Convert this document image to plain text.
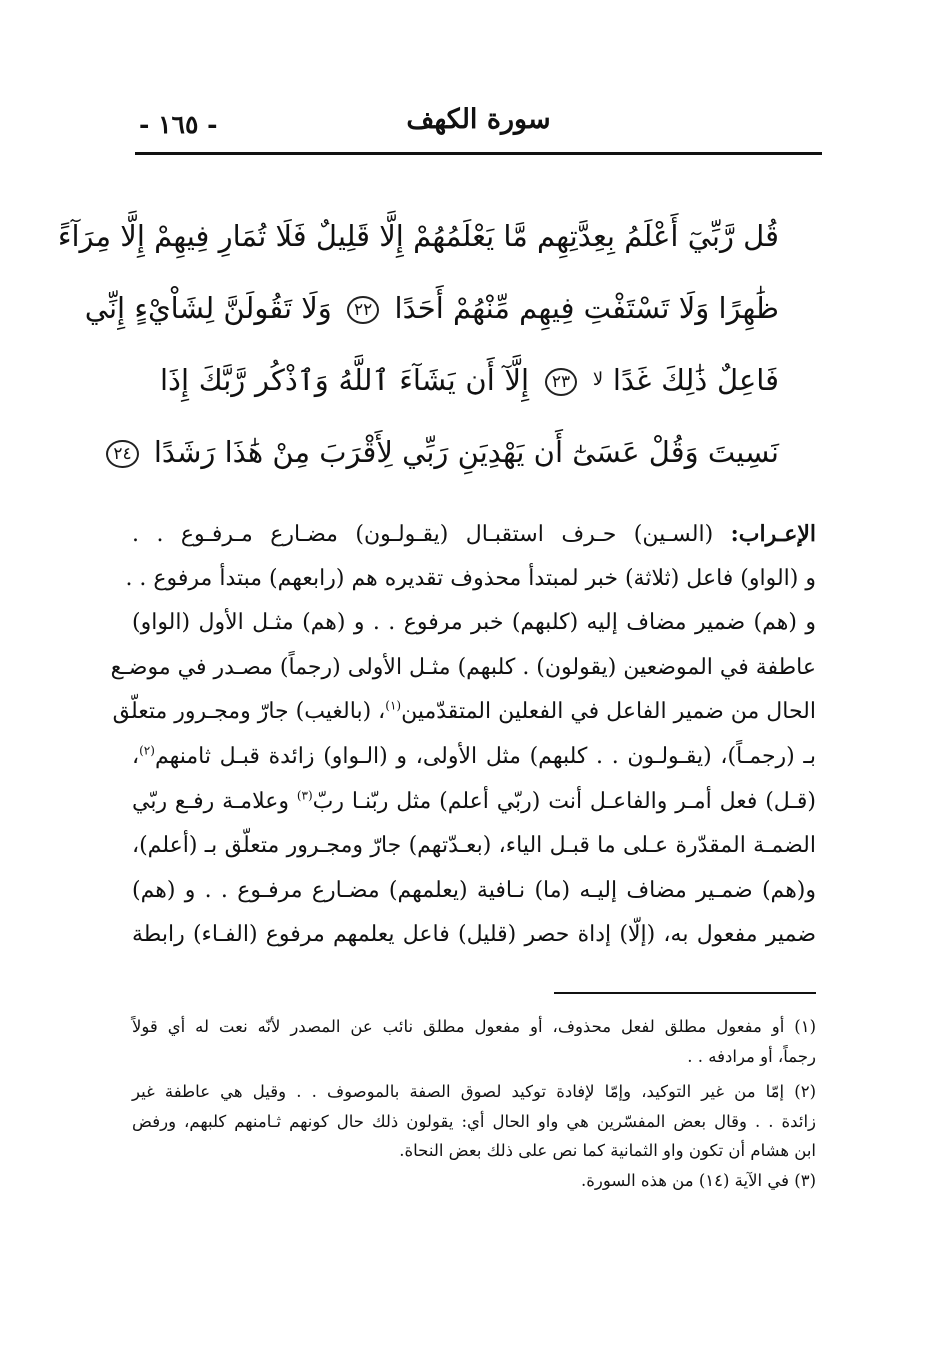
سورة الكهف
- ١٦٥ -
قُل رَّبِّيٓ أَعْلَمُ بِعِدَّتِهِم مَّا يَعْلَمُهُمْ إِلَّا قَلِيلٌ فَلَا تُمَارِ فِيهِمْ إِلَّا مِرَآءً
ظَٰهِرًا وَلَا تَسْتَفْتِ فِيهِم مِّنْهُمْ أَحَدًا ٢٢ وَلَا تَقُولَنَّ لِشَاْيْءٍ إِنِّي
فَاعِلٌ ذَٰلِكَ غَدًا $^{لا}$ ٢٣ إِلَّآ أَن يَشَآءَ ٱللَّهُ وَٱذْكُر رَّبَّكَ إِذَا
نَسِيتَ وَقُلْ عَسَىٰٓ أَن يَهْدِيَنِ رَبِّي لِأَقْرَبَ مِنْ هَٰذَا رَشَدًا ٢٤
الإعـراب: (السـين) حـرف استقبـال (يقـولـون) مضـارع مـرفـوع . .
و (الواو) فاعل (ثلاثة) خبر لمبتدأ محذوف تقديره هم (رابعهم) مبتدأ مرفوع . .
و (هم) ضمير مضاف إليه (كلبهم) خبر مرفوع . . و (هم) مثـل الأول (الواو)
عاطفة في الموضعين (يقولون) . كلبهم) مثـل الأولى (رجماً) مصـدر في موضـع
الحال من ضمير الفاعل في الفعلين المتقدّمين$^{(١)}$، (بالغيب) جارّ ومجـرور متعلّق
بـ (رجمـاً)، (يقـولـون . . كلبهم) مثل الأولى، و (الـواو) زائدة قبـل ثامنهم$^{(٢)}$،
(قـل) فعل أمـر والفاعـل أنت (ربّي أعلم) مثل ربّنـا ربّ$^{(٣)}$ وعلامـة رفـع ربّي
الضمـة المقدّرة عـلى ما قبـل الياء، (بعـدّتهم) جارّ ومجـرور متعلّق بـ (أعلم)،
و(هم) ضمـير مضاف إليـه (ما) نـافية (يعلمهم) مضـارع مرفـوع . . و (هم)
ضمير مفعول به، (إلّا) إداة حصر (قليل) فاعل يعلمهم مرفوع (الفـاء) رابطة
(١) أو مفعول مطلق لفعل محذوف، أو مفعول مطلق نائب عن المصدر لأنّه نعت له أي قولاً
رجماً، أو مرادفه . .
(٢) إمّا من غير التوكيد، وإمّا لإفادة توكيد لصوق الصفة بالموصوف . . وقيل هي عاطفة غير
زائدة . . وقال بعض المفسّرين هي واو الحال أي: يقولون ذلك حال كونهم ثـامنهم كلبهم، ورفض
ابن هشام أن تكون واو الثمانية كما نص على ذلك بعض النحاة.
(٣) في الآية (١٤) من هذه السورة.
